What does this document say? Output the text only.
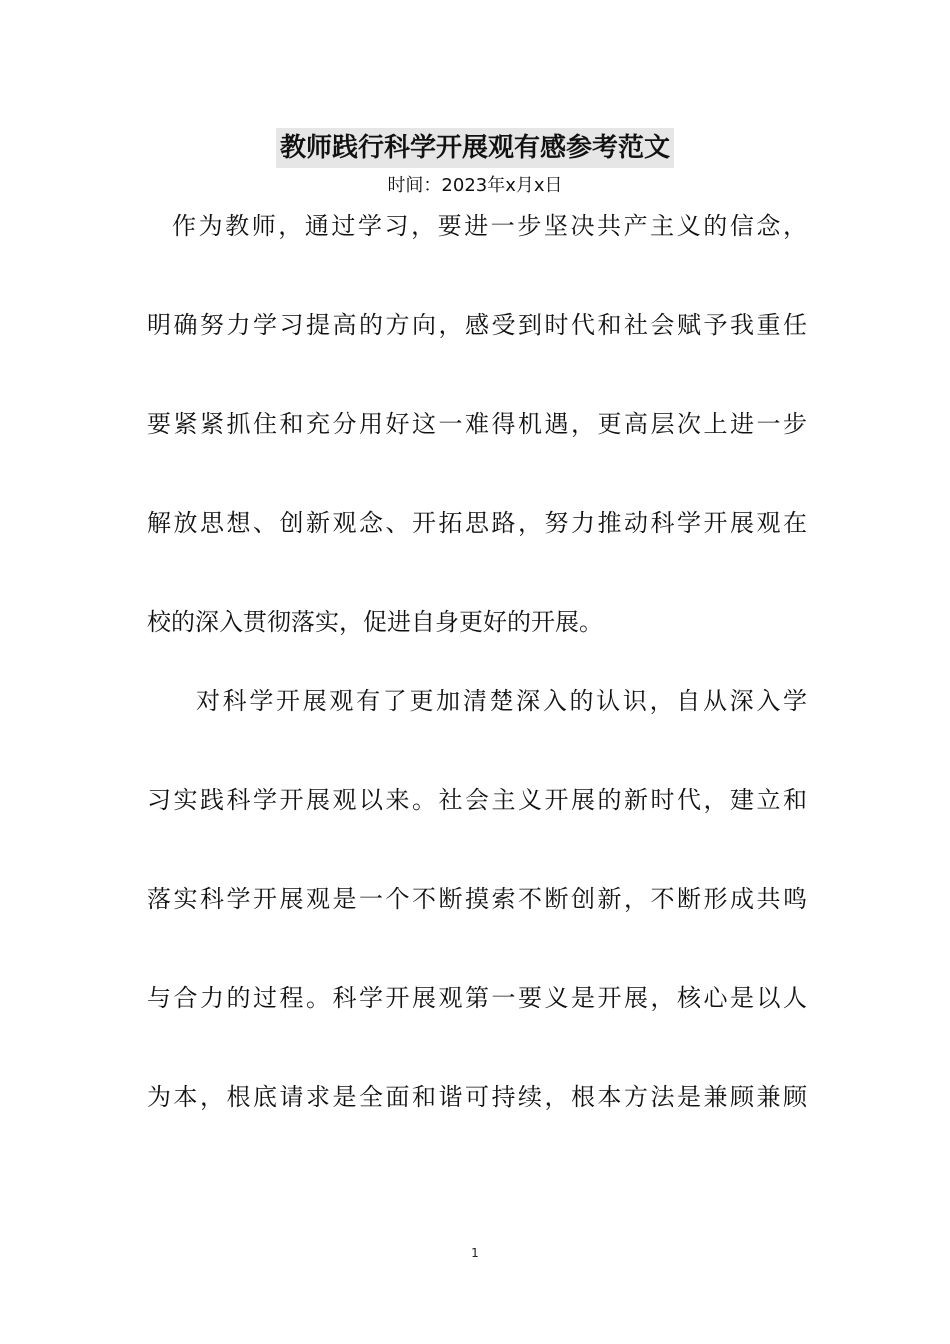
教师践行科学开展观有感参考范文
时间：2023年x月x日
作为教师，通过学习，要进一步坚决共产主义的信念，
明确努力学习提高的方向，感受到时代和社会赋予我重任
要紧紧抓住和充分用好这一难得机遇，更高层次上进一步
解放思想、创新观念、开拓思路，努力推动科学开展观在
校的深入贯彻落实，促进自身更好的开展。
对科学开展观有了更加清楚深入的认识，自从深入学
习实践科学开展观以来。社会主义开展的新时代，建立和
落实科学开展观是一个不断摸索不断创新，不断形成共鸣
与合力的过程。科学开展观第一要义是开展，核心是以人
为本，根底请求是全面和谐可持续，根本方法是兼顾兼顾
1
